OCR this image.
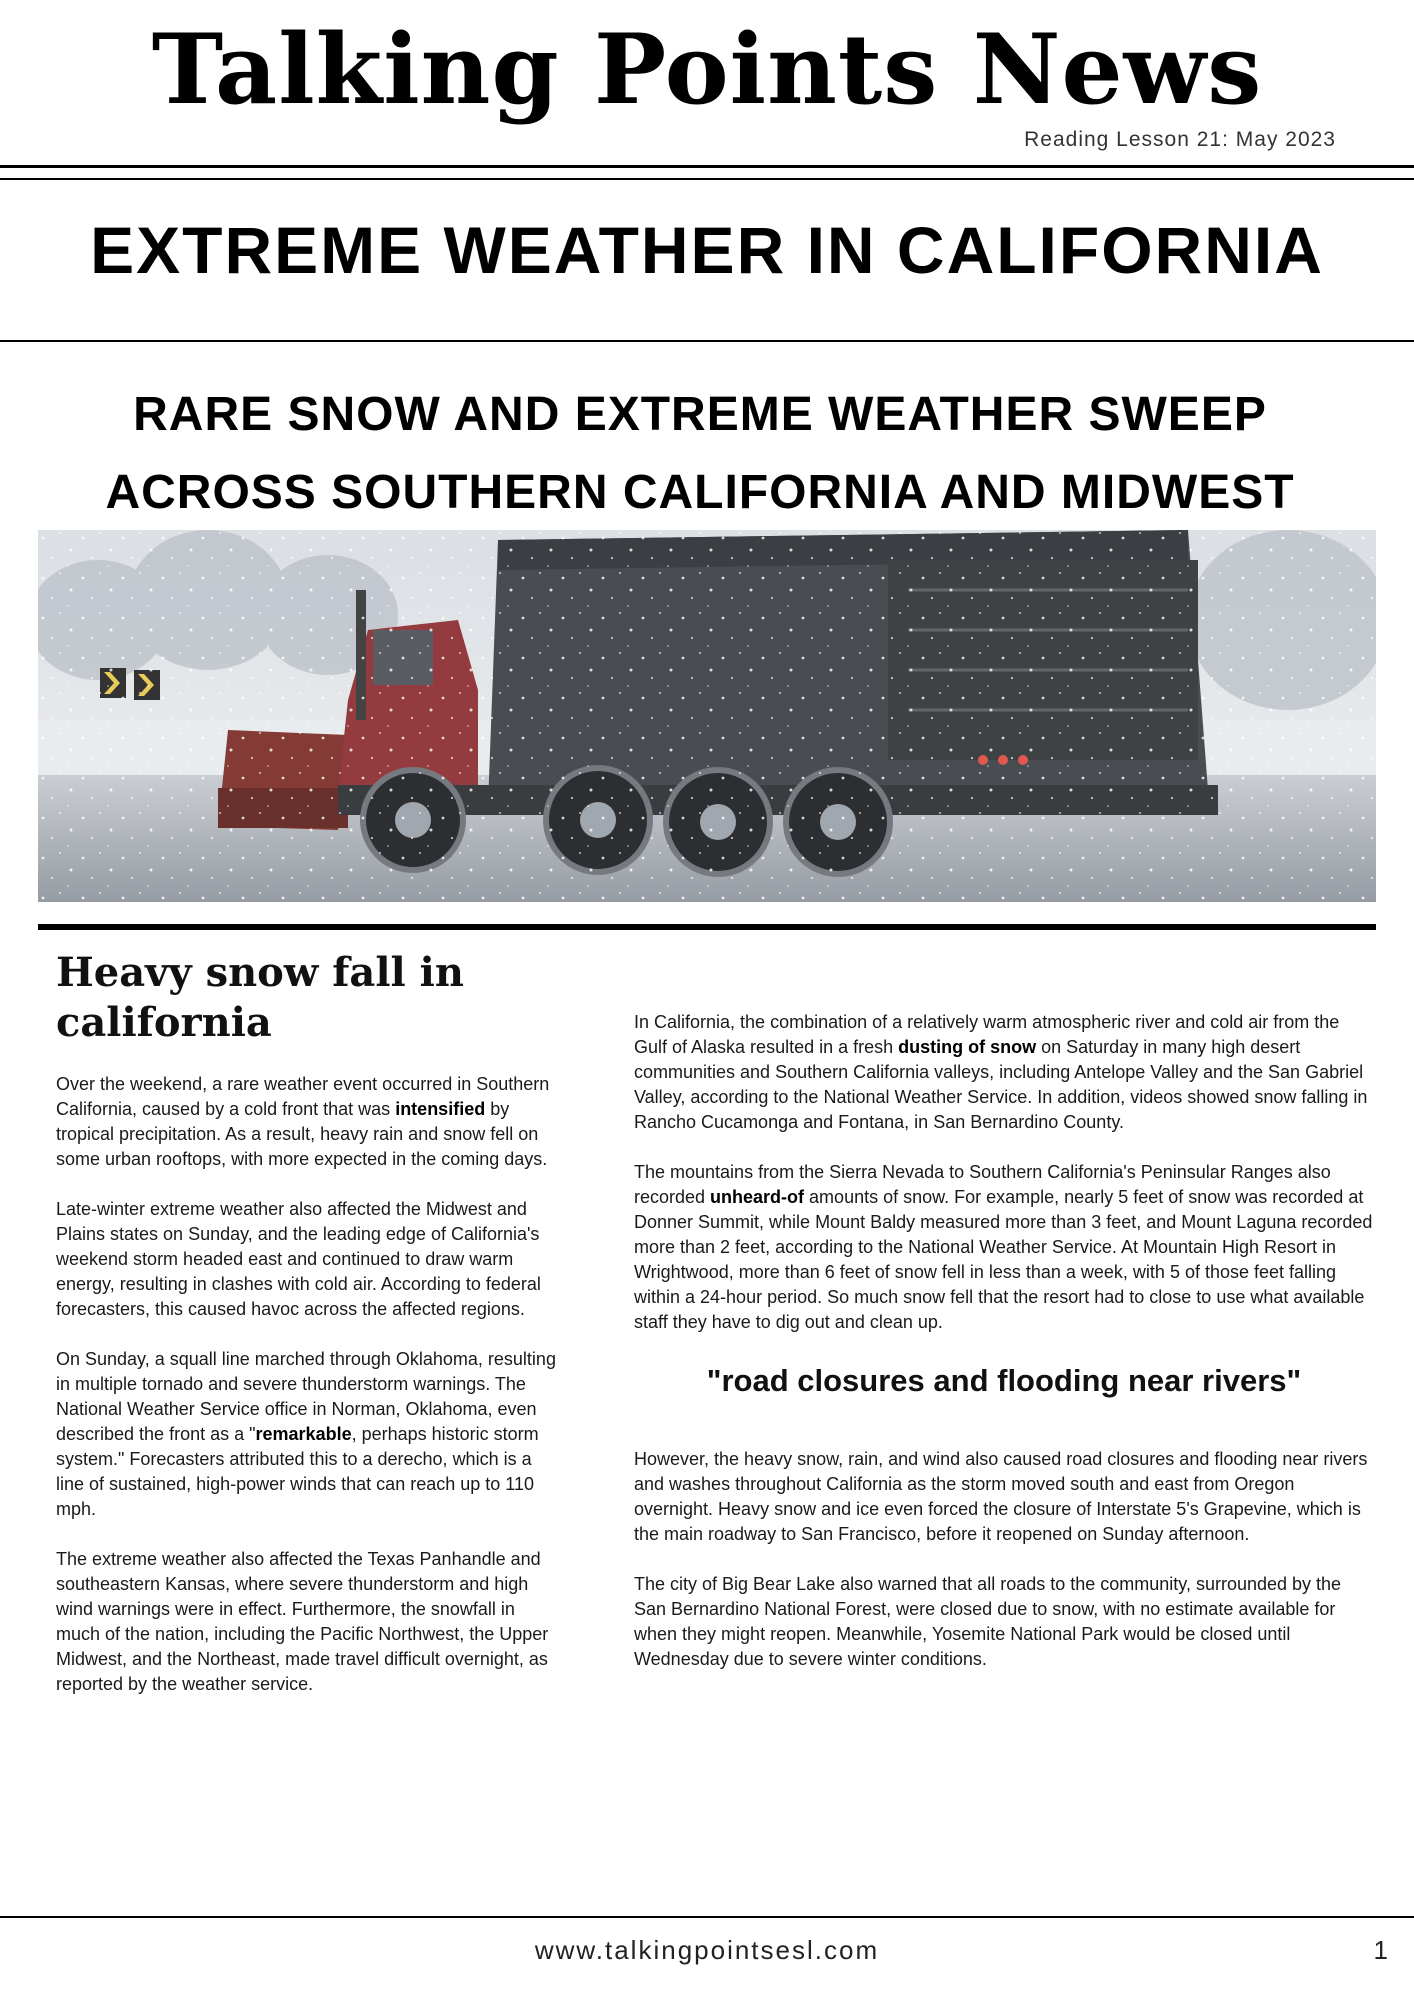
Talking Points News
Reading Lesson 21: May 2023
EXTREME WEATHER IN CALIFORNIA
RARE SNOW AND EXTREME WEATHER SWEEP ACROSS SOUTHERN CALIFORNIA AND MIDWEST
Heavy snow fall in california

Over the weekend, a rare weather event occurred in Southern California, caused by a cold front that was intensified by tropical precipitation. As a result, heavy rain and snow fell on some urban rooftops, with more expected in the coming days.

Late-winter extreme weather also affected the Midwest and Plains states on Sunday, and the leading edge of California's weekend storm headed east and continued to draw warm energy, resulting in clashes with cold air. According to federal forecasters, this caused havoc across the affected regions.

On Sunday, a squall line marched through Oklahoma, resulting in multiple tornado and severe thunderstorm warnings. The National Weather Service office in Norman, Oklahoma, even described the front as a "remarkable, perhaps historic storm system." Forecasters attributed this to a derecho, which is a line of sustained, high-power winds that can reach up to 110 mph.

The extreme weather also affected the Texas Panhandle and southeastern Kansas, where severe thunderstorm and high wind warnings were in effect. Furthermore, the snowfall in much of the nation, including the Pacific Northwest, the Upper Midwest, and the Northeast, made travel difficult overnight, as reported by the weather service.

In California, the combination of a relatively warm atmospheric river and cold air from the Gulf of Alaska resulted in a fresh dusting of snow on Saturday in many high desert communities and Southern California valleys, including Antelope Valley and the San Gabriel Valley, according to the National Weather Service. In addition, videos showed snow falling in Rancho Cucamonga and Fontana, in San Bernardino County.

The mountains from the Sierra Nevada to Southern California's Peninsular Ranges also recorded unheard-of amounts of snow. For example, nearly 5 feet of snow was recorded at Donner Summit, while Mount Baldy measured more than 3 feet, and Mount Laguna recorded more than 2 feet, according to the National Weather Service. At Mountain High Resort in Wrightwood, more than 6 feet of snow fell in less than a week, with 5 of those feet falling within a 24-hour period. So much snow fell that the resort had to close to use what available staff they have to dig out and clean up.

"road closures and flooding near rivers"

However, the heavy snow, rain, and wind also caused road closures and flooding near rivers and washes throughout California as the storm moved south and east from Oregon overnight. Heavy snow and ice even forced the closure of Interstate 5's Grapevine, which is the main roadway to San Francisco, before it reopened on Sunday afternoon.

The city of Big Bear Lake also warned that all roads to the community, surrounded by the San Bernardino National Forest, were closed due to snow, with no estimate available for when they might reopen. Meanwhile, Yosemite National Park would be closed until Wednesday due to severe winter conditions.

www.talkingpointsesl.com	1
